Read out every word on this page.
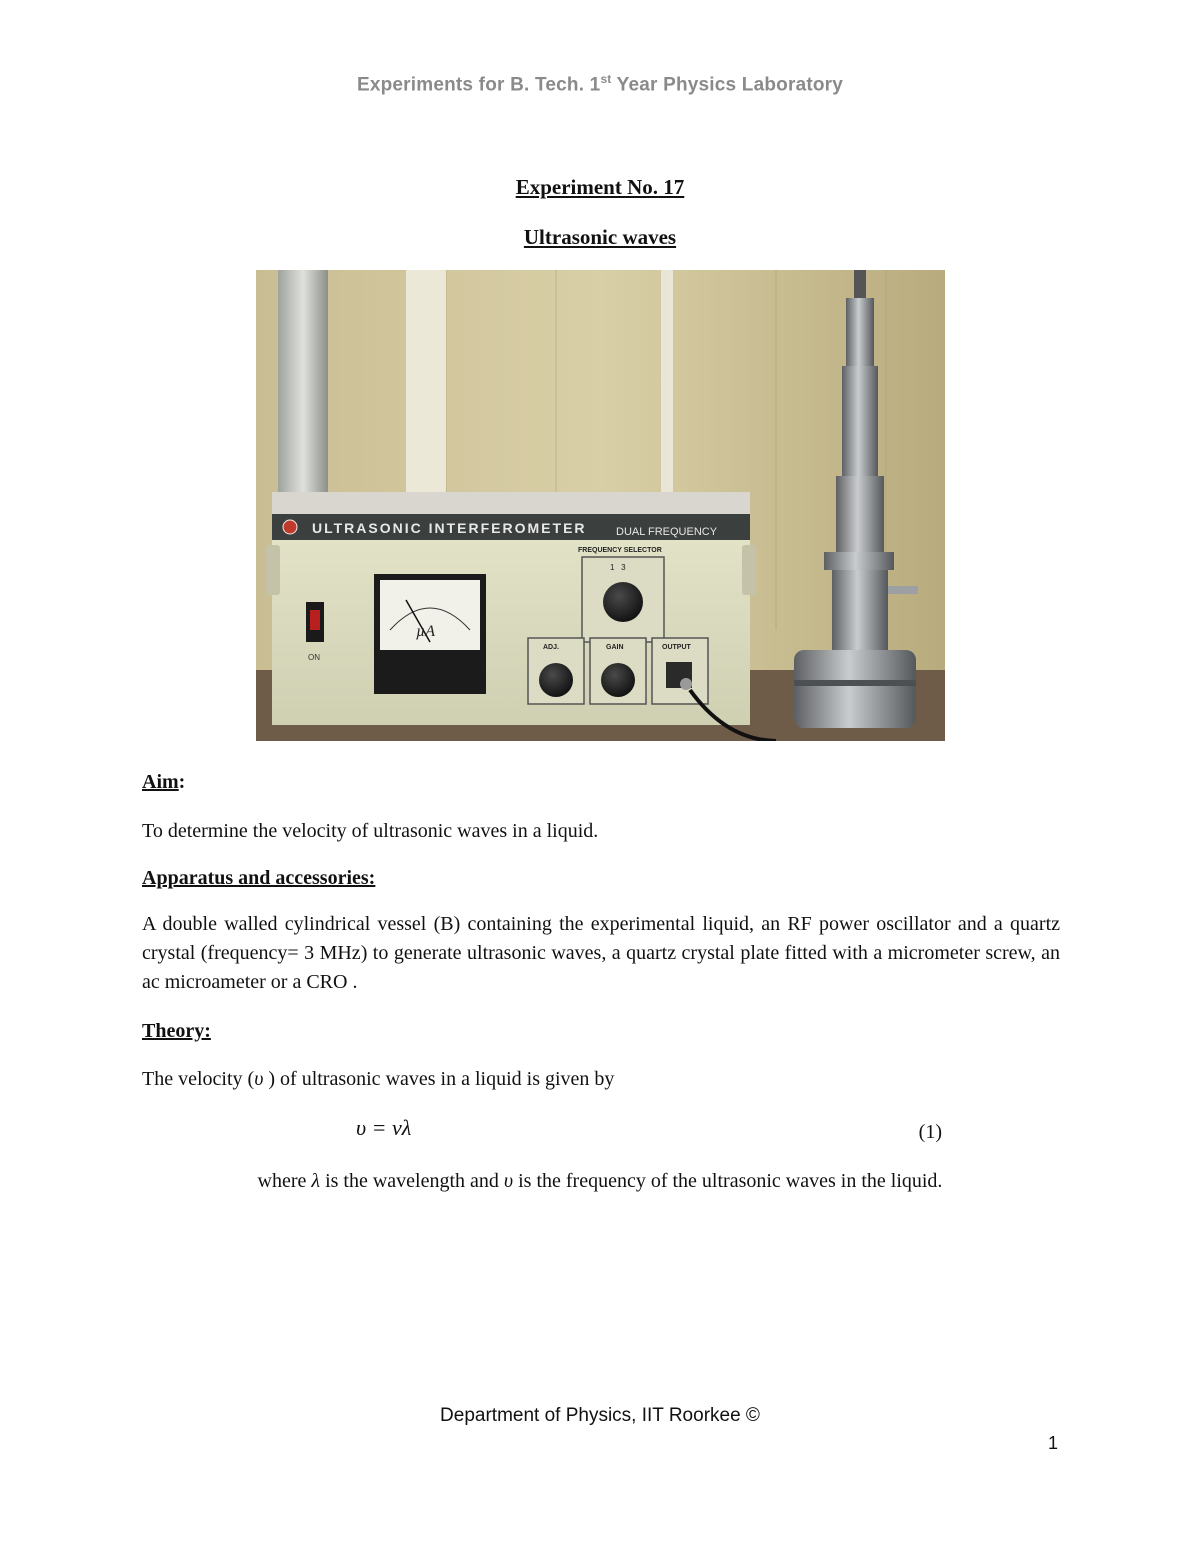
Experiments for B. Tech. 1st Year Physics Laboratory
Experiment No. 17
Ultrasonic waves
ULTRASONIC INTERFEROMETER	DUAL FREQUENCY
ON
µA
FREQUENCY SELECTOR
1   3
ADJ.	GAIN	OUTPUT
Aim:
To determine the velocity of ultrasonic waves in a liquid.
Apparatus and accessories:
A double walled cylindrical vessel (B) containing the experimental liquid, an RF power oscillator and a quartz crystal (frequency= 3 MHz) to generate ultrasonic waves, a quartz crystal plate fitted with a micrometer screw, an ac microameter or a CRO .
Theory:
The velocity (υ ) of ultrasonic waves in a liquid is given by
υ = νλ	(1)
where λ is the wavelength and υ is the frequency of the ultrasonic waves in the liquid.
Department of Physics, IIT Roorkee ©
1
